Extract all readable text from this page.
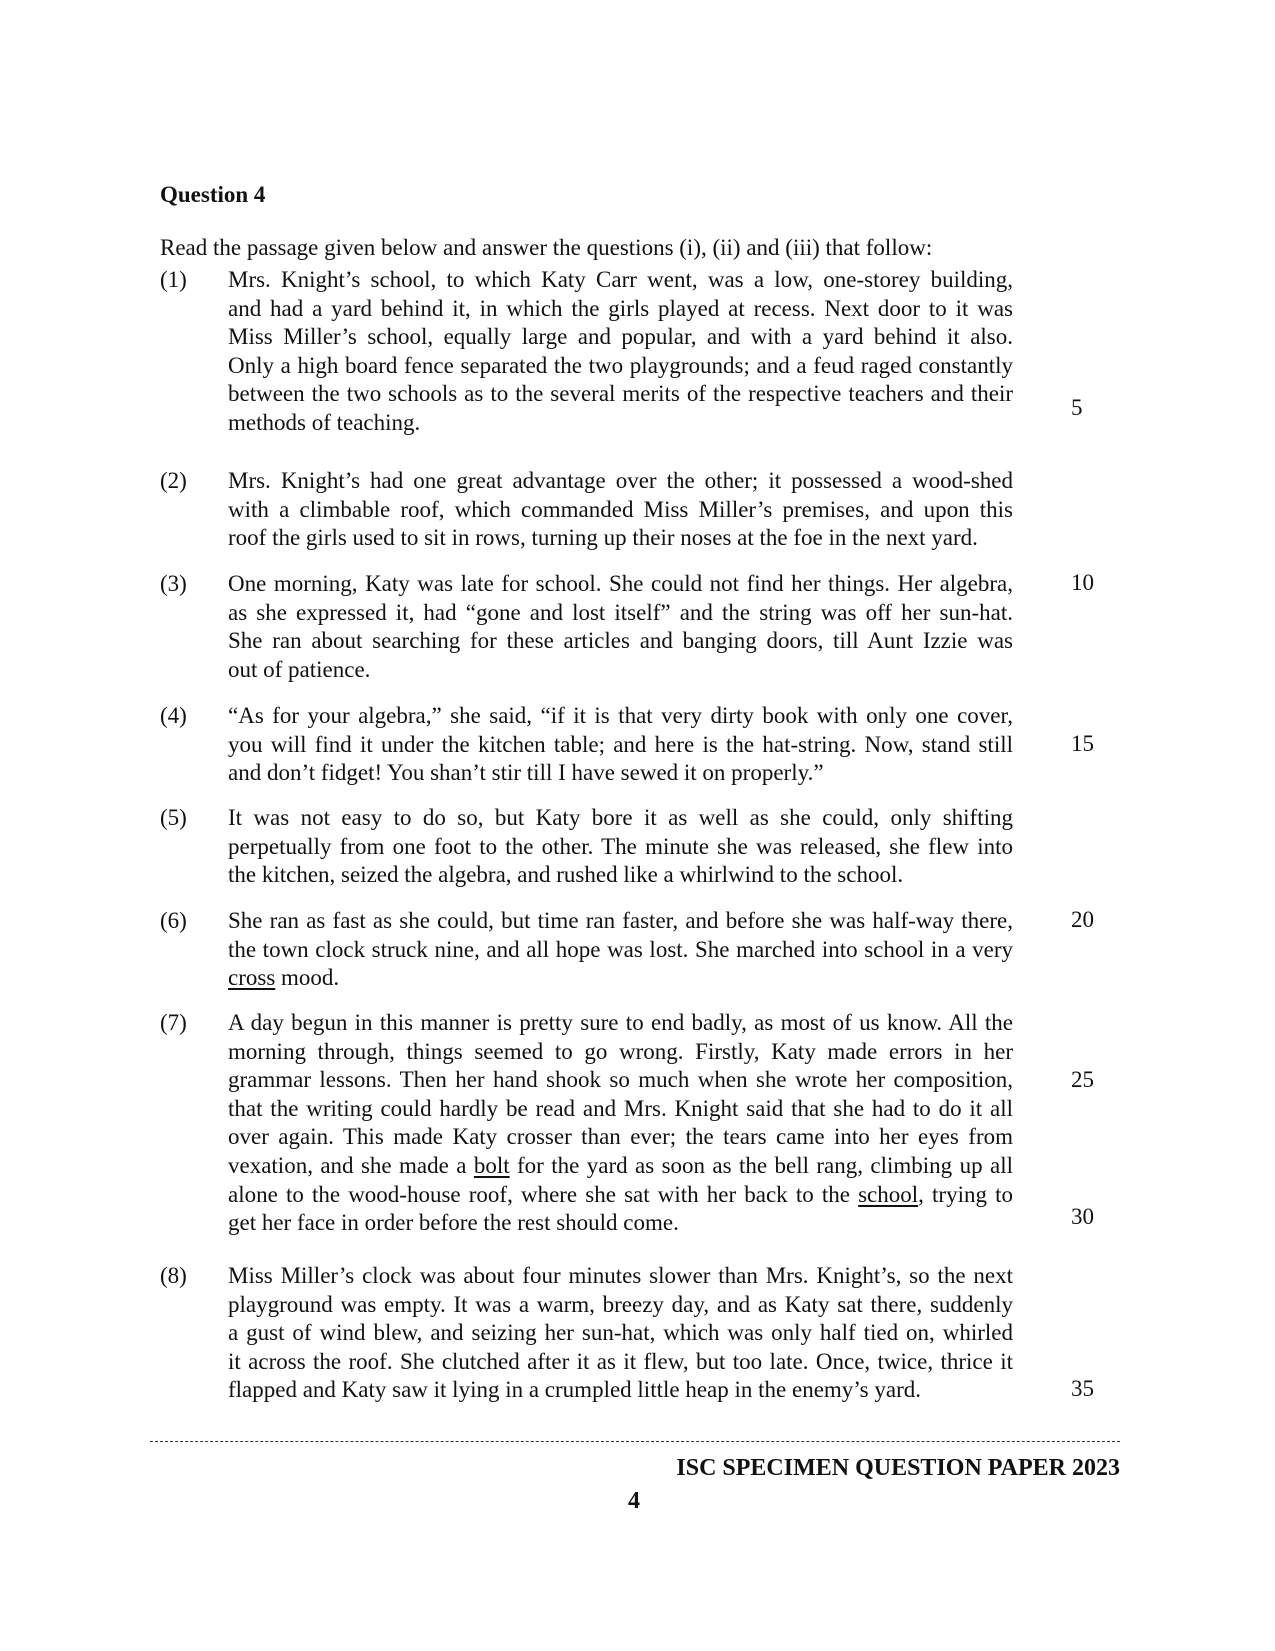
Question 4
Read the passage given below and answer the questions (i), (ii) and (iii) that follow:
(1) Mrs. Knight’s school, to which Katy Carr went, was a low, one-storey building,
and had a yard behind it, in which the girls played at recess. Next door to it was
Miss Miller’s school, equally large and popular, and with a yard behind it also.
Only a high board fence separated the two playgrounds; and a feud raged constantly
between the two schools as to the several merits of the respective teachers and their
methods of teaching.
(2) Mrs. Knight’s had one great advantage over the other; it possessed a wood-shed
with a climbable roof, which commanded Miss Miller’s premises, and upon this
roof the girls used to sit in rows, turning up their noses at the foe in the next yard.
(3) One morning, Katy was late for school. She could not find her things. Her algebra,
as she expressed it, had “gone and lost itself” and the string was off her sun-hat.
She ran about searching for these articles and banging doors, till Aunt Izzie was
out of patience.
(4) “As for your algebra,” she said, “if it is that very dirty book with only one cover,
you will find it under the kitchen table; and here is the hat-string. Now, stand still
and don’t fidget! You shan’t stir till I have sewed it on properly.”
(5) It was not easy to do so, but Katy bore it as well as she could, only shifting
perpetually from one foot to the other. The minute she was released, she flew into
the kitchen, seized the algebra, and rushed like a whirlwind to the school.
(6) She ran as fast as she could, but time ran faster, and before she was half-way there,
the town clock struck nine, and all hope was lost. She marched into school in a very
cross mood.
(7) A day begun in this manner is pretty sure to end badly, as most of us know. All the
morning through, things seemed to go wrong. Firstly, Katy made errors in her
grammar lessons. Then her hand shook so much when she wrote her composition,
that the writing could hardly be read and Mrs. Knight said that she had to do it all
over again. This made Katy crosser than ever; the tears came into her eyes from
vexation, and she made a bolt for the yard as soon as the bell rang, climbing up all
alone to the wood-house roof, where she sat with her back to the school, trying to
get her face in order before the rest should come.
(8) Miss Miller’s clock was about four minutes slower than Mrs. Knight’s, so the next
playground was empty. It was a warm, breezy day, and as Katy sat there, suddenly
a gust of wind blew, and seizing her sun-hat, which was only half tied on, whirled
it across the roof. She clutched after it as it flew, but too late. Once, twice, thrice it
flapped and Katy saw it lying in a crumpled little heap in the enemy’s yard.
5
10
15
20
25
30
35
ISC SPECIMEN QUESTION PAPER 2023
4
